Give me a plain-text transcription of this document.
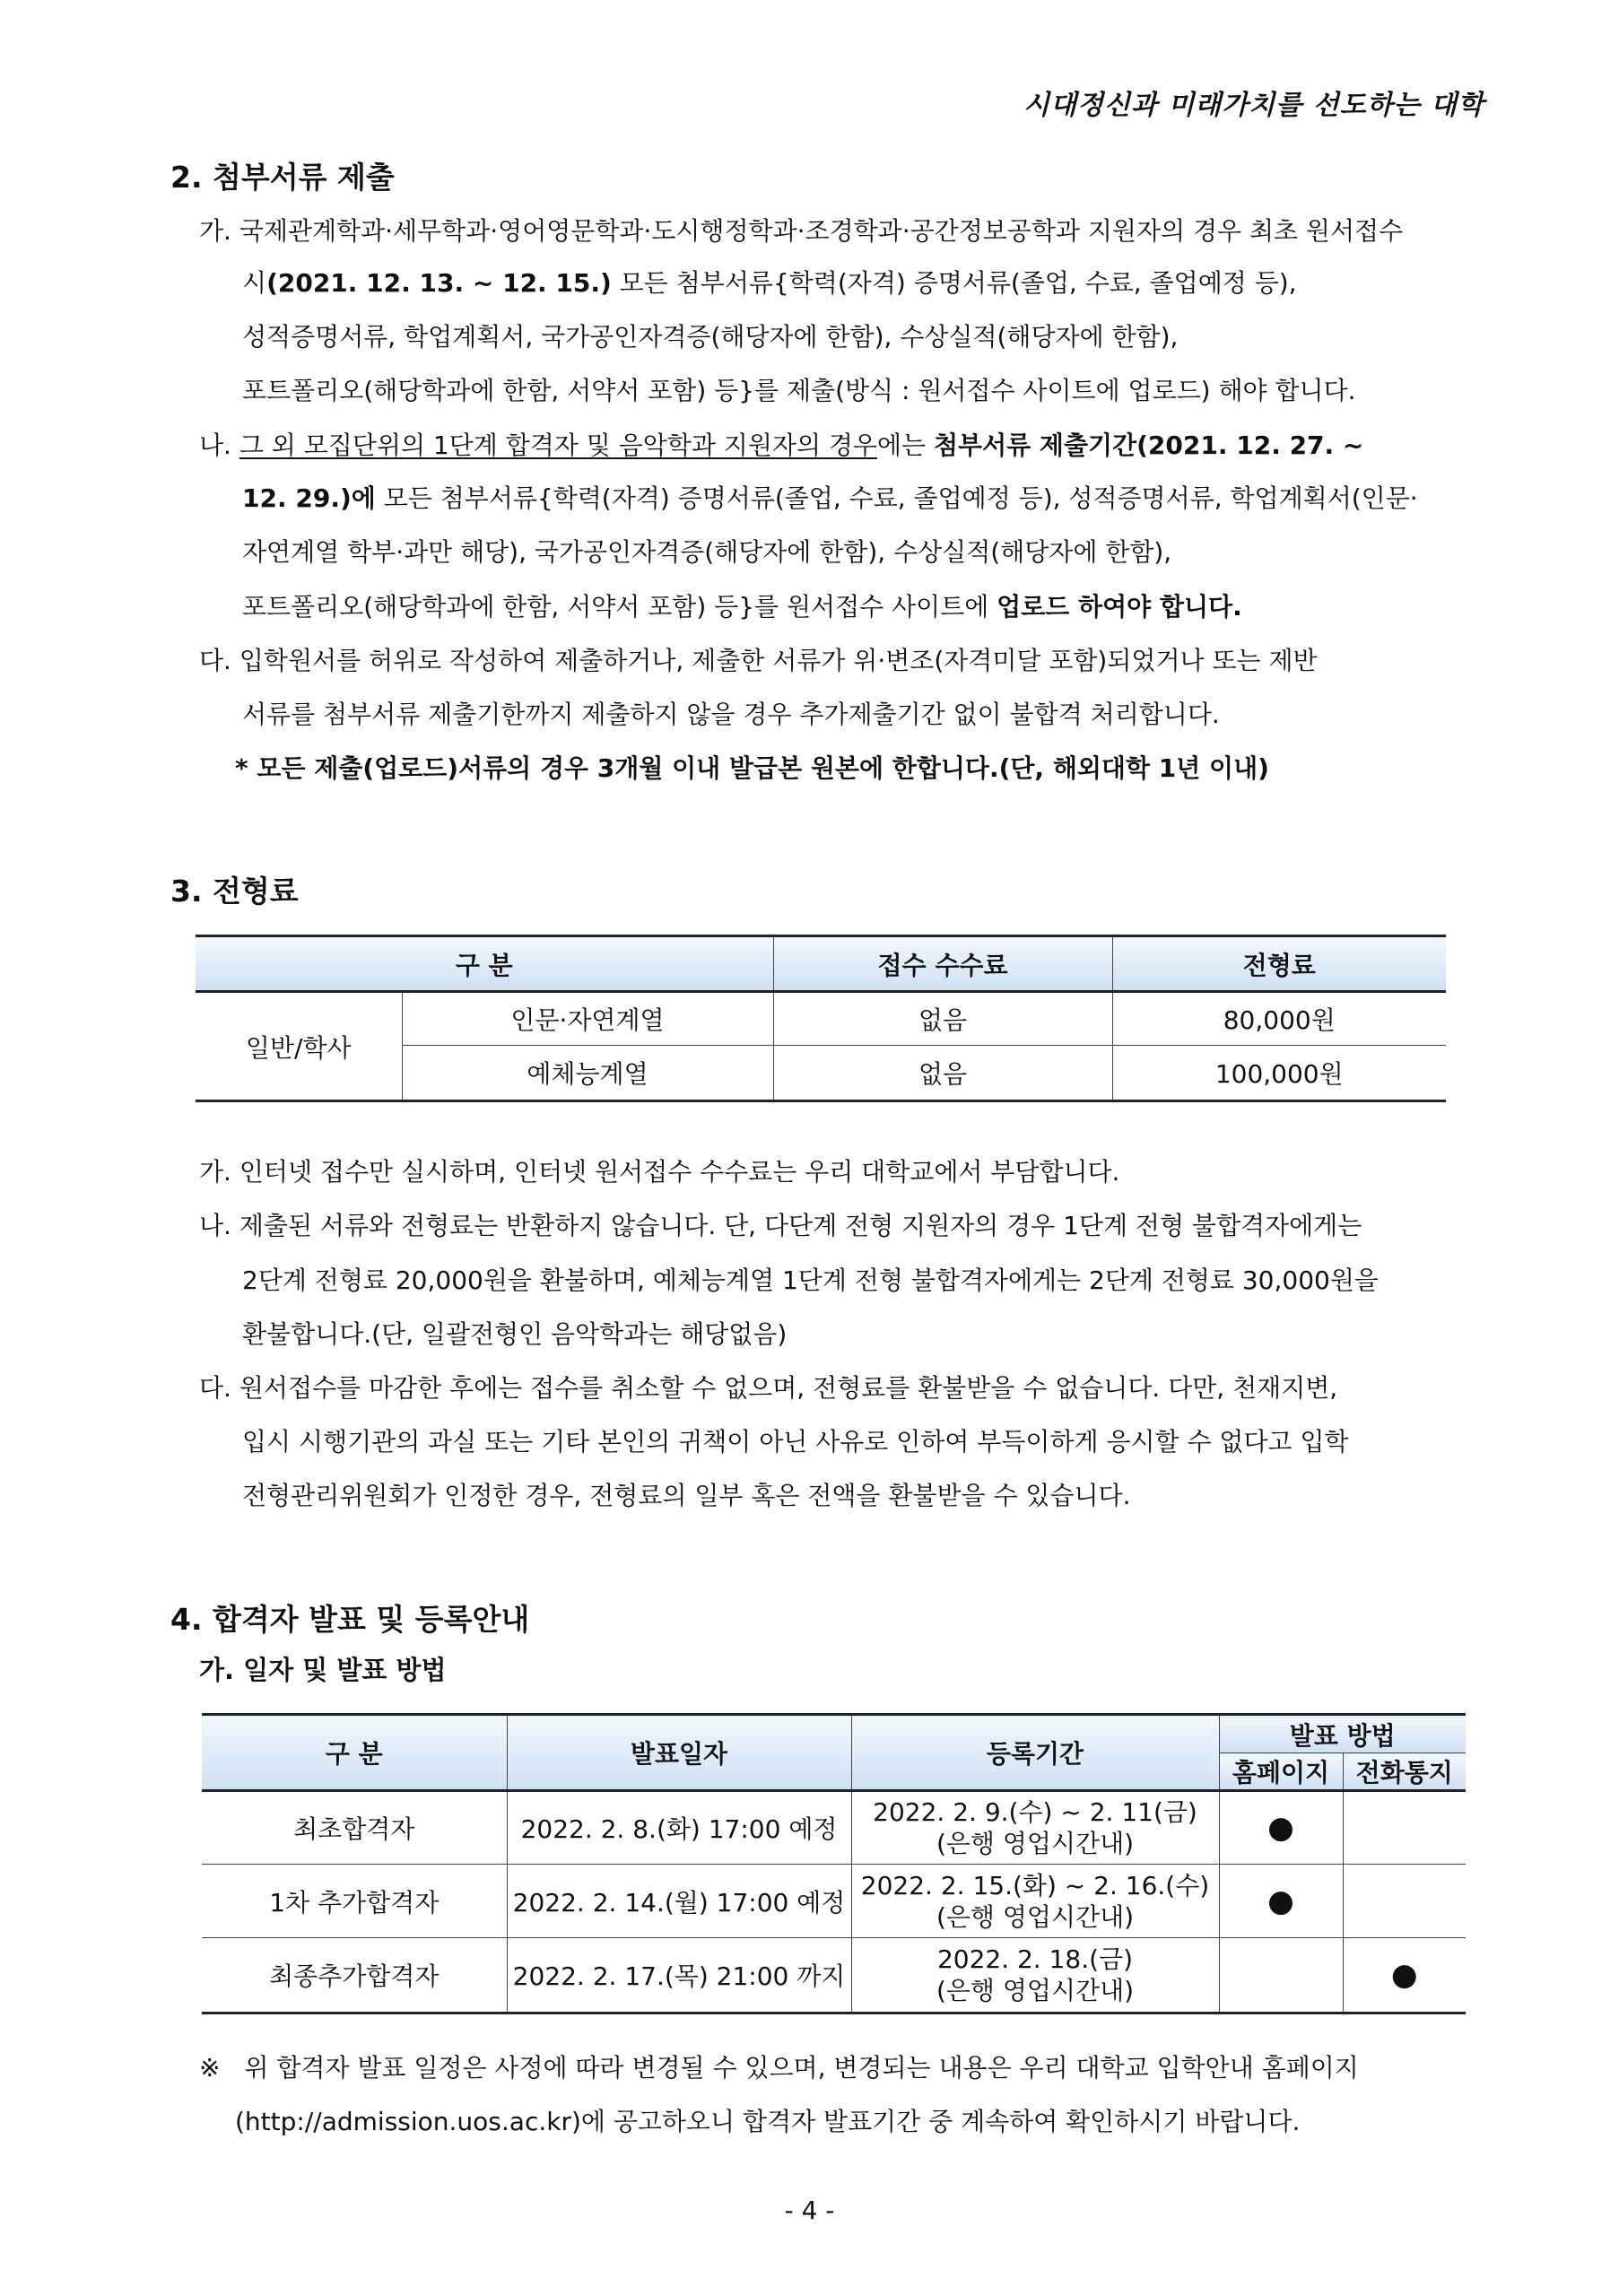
시대정신과 미래가치를 선도하는 대학
2. 첨부서류 제출
가. 국제관계학과·세무학과·영어영문학과·도시행정학과·조경학과·공간정보공학과 지원자의 경우 최초 원서접수
시(2021. 12. 13. ~ 12. 15.) 모든 첨부서류{학력(자격) 증명서류(졸업, 수료, 졸업예정 등),
성적증명서류, 학업계획서, 국가공인자격증(해당자에 한함), 수상실적(해당자에 한함),
포트폴리오(해당학과에 한함, 서약서 포함) 등}를 제출(방식 : 원서접수 사이트에 업로드) 해야 합니다.
나. 그 외 모집단위의 1단계 합격자 및 음악학과 지원자의 경우에는 첨부서류 제출기간(2021. 12. 27. ~
12. 29.)에 모든 첨부서류{학력(자격) 증명서류(졸업, 수료, 졸업예정 등), 성적증명서류, 학업계획서(인문·
자연계열 학부·과만 해당), 국가공인자격증(해당자에 한함), 수상실적(해당자에 한함),
포트폴리오(해당학과에 한함, 서약서 포함) 등}를 원서접수 사이트에 업로드 하여야 합니다.
다. 입학원서를 허위로 작성하여 제출하거나, 제출한 서류가 위·변조(자격미달 포함)되었거나 또는 제반
서류를 첨부서류 제출기한까지 제출하지 않을 경우 추가제출기간 없이 불합격 처리합니다.
* 모든 제출(업로드)서류의 경우 3개월 이내 발급본 원본에 한합니다.(단, 해외대학 1년 이내)
3. 전형료
구 분		접수 수수료	전형료
일반/학사	인문·자연계열	없음	80,000원
	예체능계열	없음	100,000원
가. 인터넷 접수만 실시하며, 인터넷 원서접수 수수료는 우리 대학교에서 부담합니다.
나. 제출된 서류와 전형료는 반환하지 않습니다. 단, 다단계 전형 지원자의 경우 1단계 전형 불합격자에게는
2단계 전형료 20,000원을 환불하며, 예체능계열 1단계 전형 불합격자에게는 2단계 전형료 30,000원을
환불합니다.(단, 일괄전형인 음악학과는 해당없음)
다. 원서접수를 마감한 후에는 접수를 취소할 수 없으며, 전형료를 환불받을 수 없습니다. 다만, 천재지변,
입시 시행기관의 과실 또는 기타 본인의 귀책이 아닌 사유로 인하여 부득이하게 응시할 수 없다고 입학
전형관리위원회가 인정한 경우, 전형료의 일부 혹은 전액을 환불받을 수 있습니다.
4. 합격자 발표 및 등록안내
가. 일자 및 발표 방법
구 분	발표일자	등록기간	발표 방법	
			홈페이지	전화통지
최초합격자	2022. 2. 8.(화) 17:00 예정	2022. 2. 9.(수) ~ 2. 11(금)
(은행 영업시간내)	●	
1차 추가합격자	2022. 2. 14.(월) 17:00 예정	2022. 2. 15.(화) ~ 2. 16.(수)
(은행 영업시간내)	●	
최종추가합격자	2022. 2. 17.(목) 21:00 까지	2022. 2. 18.(금)
(은행 영업시간내)		●
※ 위 합격자 발표 일정은 사정에 따라 변경될 수 있으며, 변경되는 내용은 우리 대학교 입학안내 홈페이지
(http://admission.uos.ac.kr)에 공고하오니 합격자 발표기간 중 계속하여 확인하시기 바랍니다.
- 4 -
